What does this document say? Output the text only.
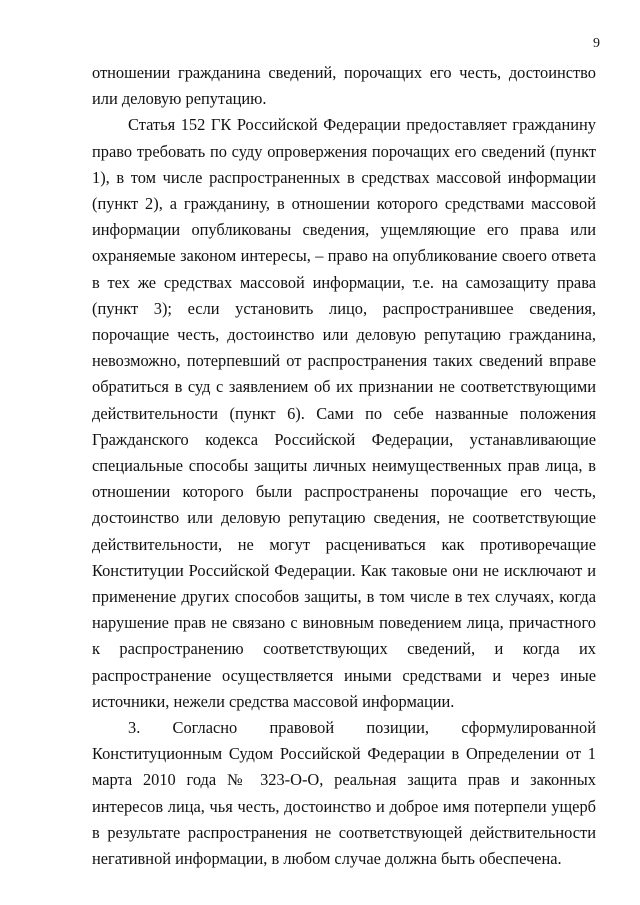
9

отношении гражданина сведений, порочащих его честь, достоинство или деловую репутацию.

Статья 152 ГК Российской Федерации предоставляет гражданину право требовать по суду опровержения порочащих его сведений (пункт 1), в том числе распространенных в средствах массовой информации (пункт 2), а гражданину, в отношении которого средствами массовой информации опубликованы сведения, ущемляющие его права или охраняемые законом интересы, – право на опубликование своего ответа в тех же средствах массовой информации, т.е. на самозащиту права (пункт 3); если установить лицо, распространившее сведения, порочащие честь, достоинство или деловую репутацию гражданина, невозможно, потерпевший от распространения таких сведений вправе обратиться в суд с заявлением об их признании не соответствующими действительности (пункт 6). Сами по себе названные положения Гражданского кодекса Российской Федерации, устанавливающие специальные способы защиты личных неимущественных прав лица, в отношении которого были распространены порочащие его честь, достоинство или деловую репутацию сведения, не соответствующие действительности, не могут расцениваться как противоречащие Конституции Российской Федерации. Как таковые они не исключают и применение других способов защиты, в том числе в тех случаях, когда нарушение прав не связано с виновным поведением лица, причастного к распространению соответствующих сведений, и когда их распространение осуществляется иными средствами и через иные источники, нежели средства массовой информации.

3. Согласно правовой позиции, сформулированной Конституционным Судом Российской Федерации в Определении от 1 марта 2010 года № 323-О-О, реальная защита прав и законных интересов лица, чья честь, достоинство и доброе имя потерпели ущерб в результате распространения не соответствующей действительности негативной информации, в любом случае должна быть обеспечена.
